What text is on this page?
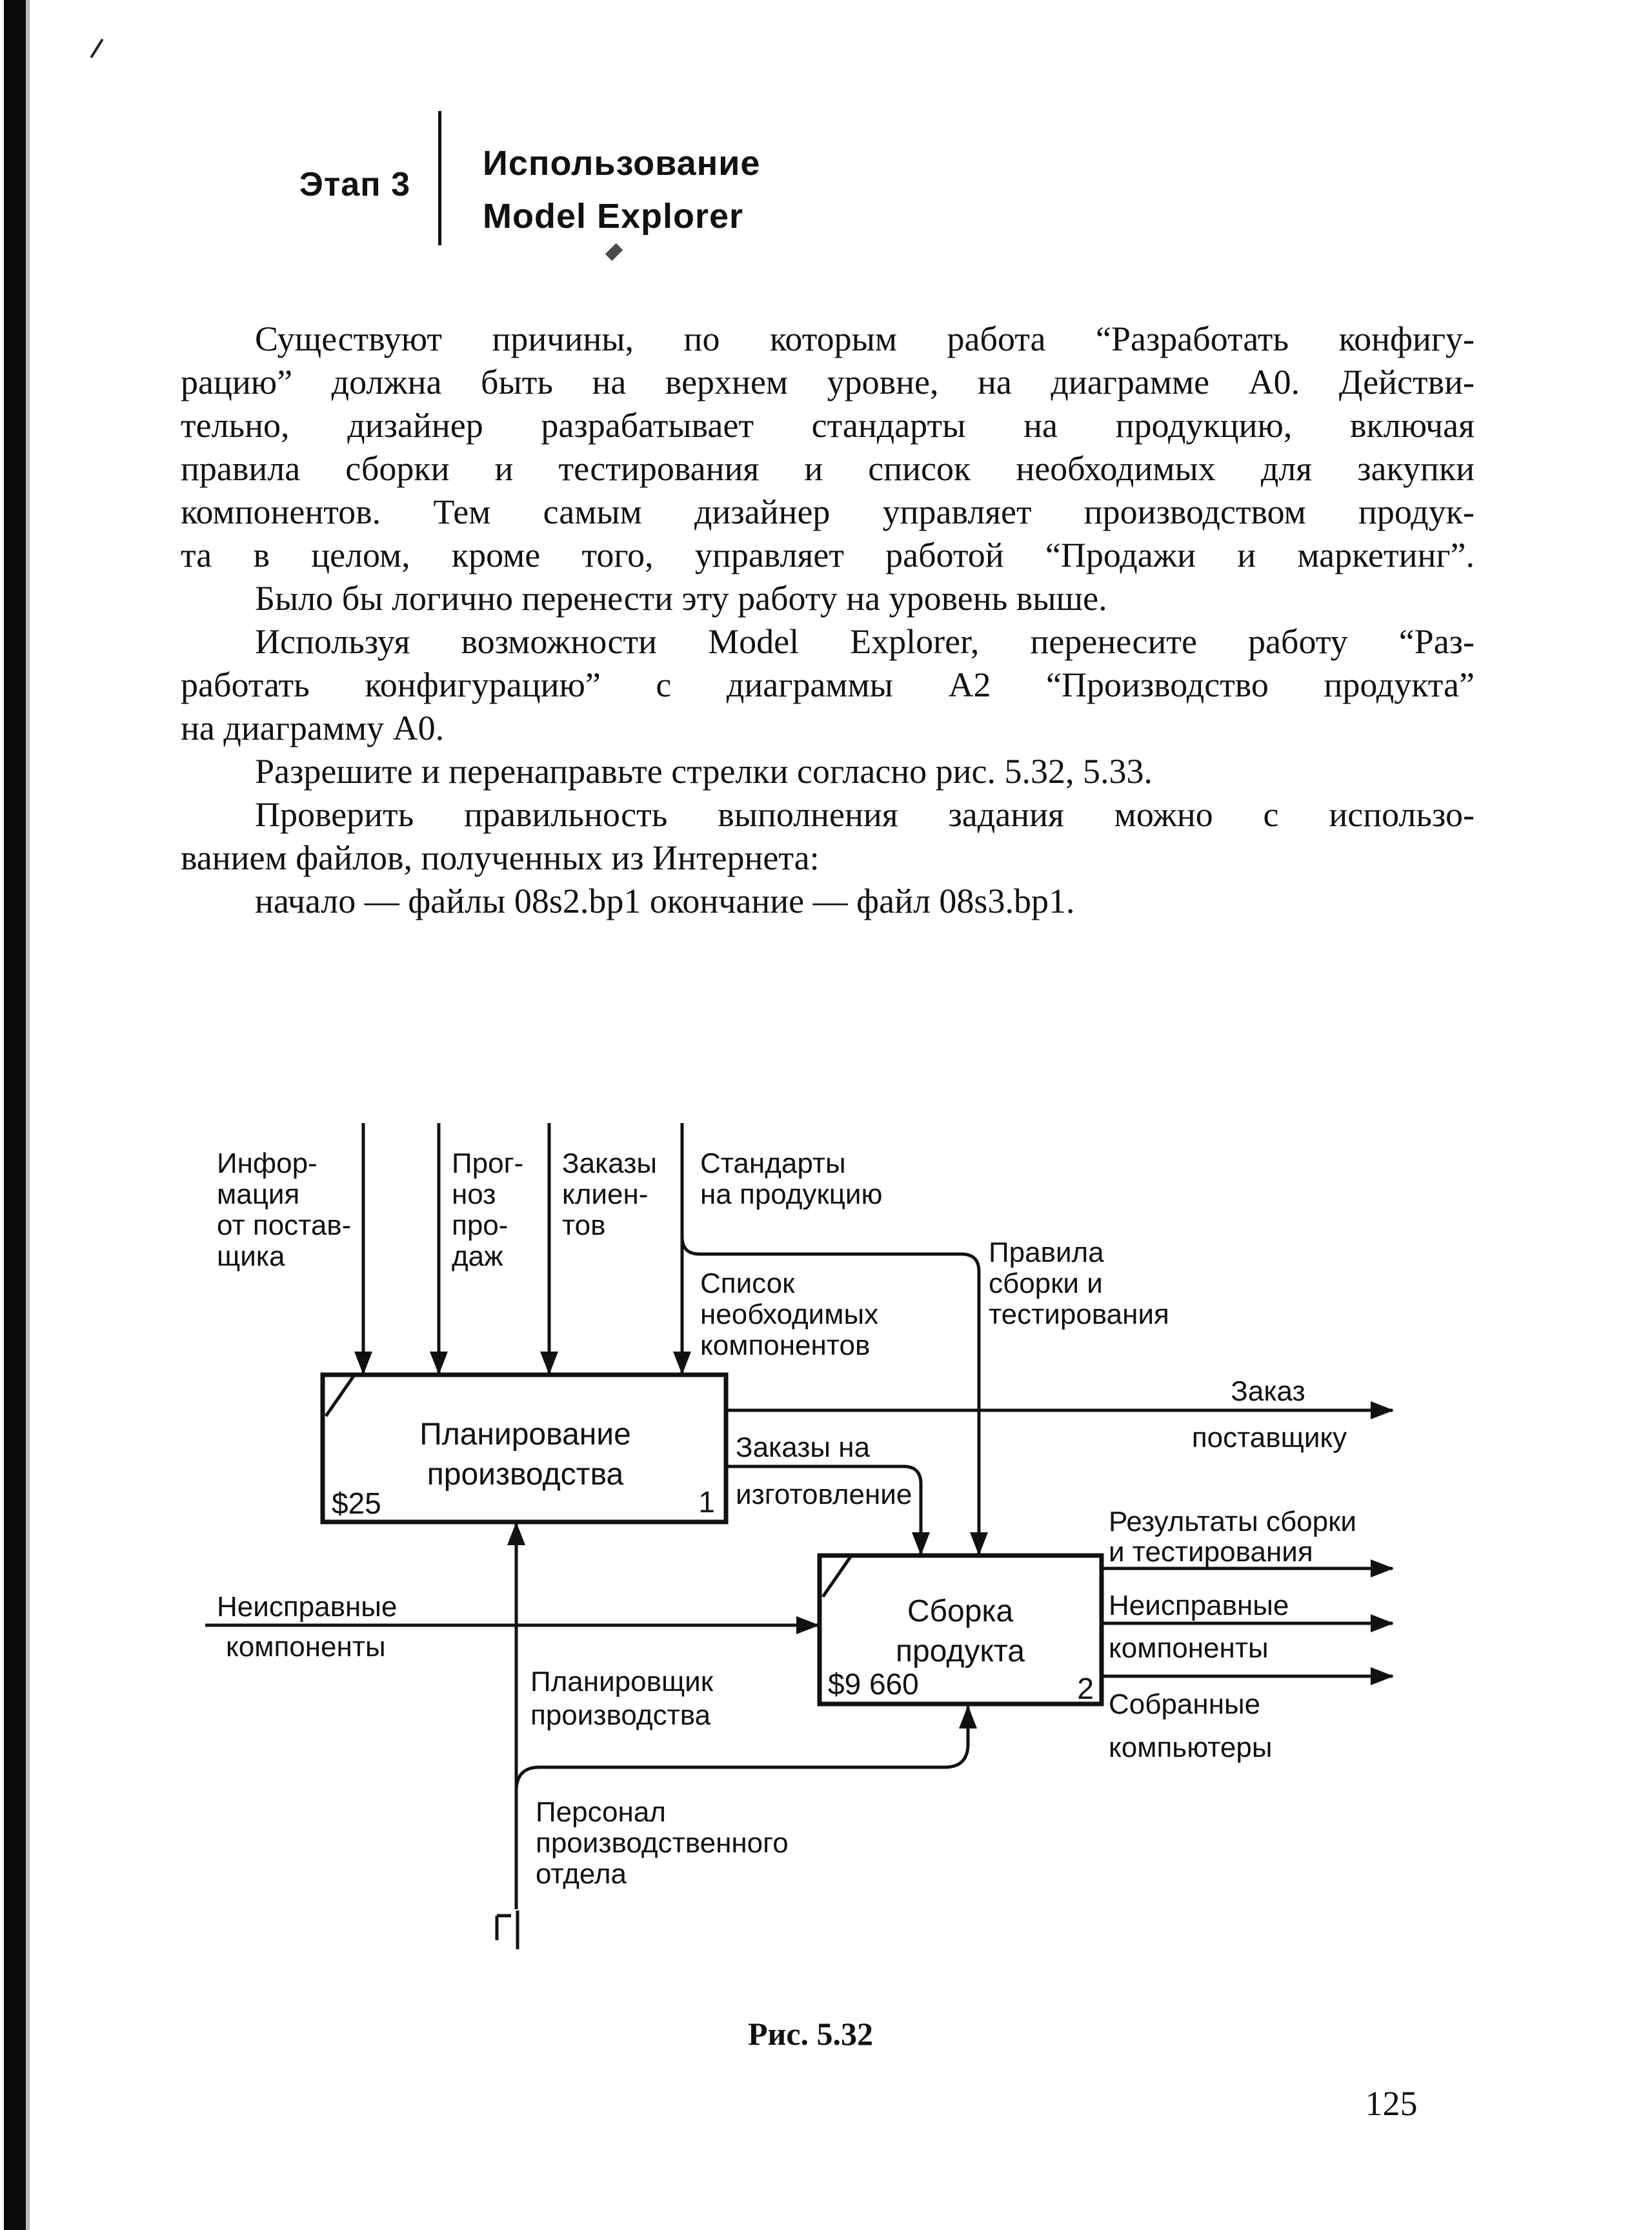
Этап 3
Использование
Model Explorer
Существуют причины, по которым работа “Разработать конфигу-
рацию” должна быть на верхнем уровне, на диаграмме А0. Действи-
тельно, дизайнер разрабатывает стандарты на продукцию, включая
правила сборки и тестирования и список необходимых для закупки
компонентов. Тем самым дизайнер управляет производством продук-
та в целом, кроме того, управляет работой “Продажи и маркетинг”.
Было бы логично перенести эту работу на уровень выше.
Используя возможности Model Explorer, перенесите работу “Раз-
работать конфигурацию” с диаграммы А2 “Производство продукта”
на диаграмму А0.
Разрешите и перенаправьте стрелки согласно рис. 5.32, 5.33.
Проверить правильность выполнения задания можно с использо-
ванием файлов, полученных из Интернета:
начало — файлы 08s2.bp1 окончание — файл 08s3.bp1.
Планирование
производства
$25	1
Сборка
продукта
$9 660	2
Инфор-
мация
от постав-
щика
Прог-
ноз
про-
даж
Заказы
клиен-
тов
Стандарты
на продукцию
Список
необходимых
компонентов
Правила
сборки и
тестирования
Заказ
поставщику
Заказы на
изготовление
Неисправные
компоненты
Результаты сборки
и тестирования
Неисправные
компоненты
Собранные
компьютеры
Планировщик
производства
Персонал
производственного
отдела
Рис. 5.32
125
